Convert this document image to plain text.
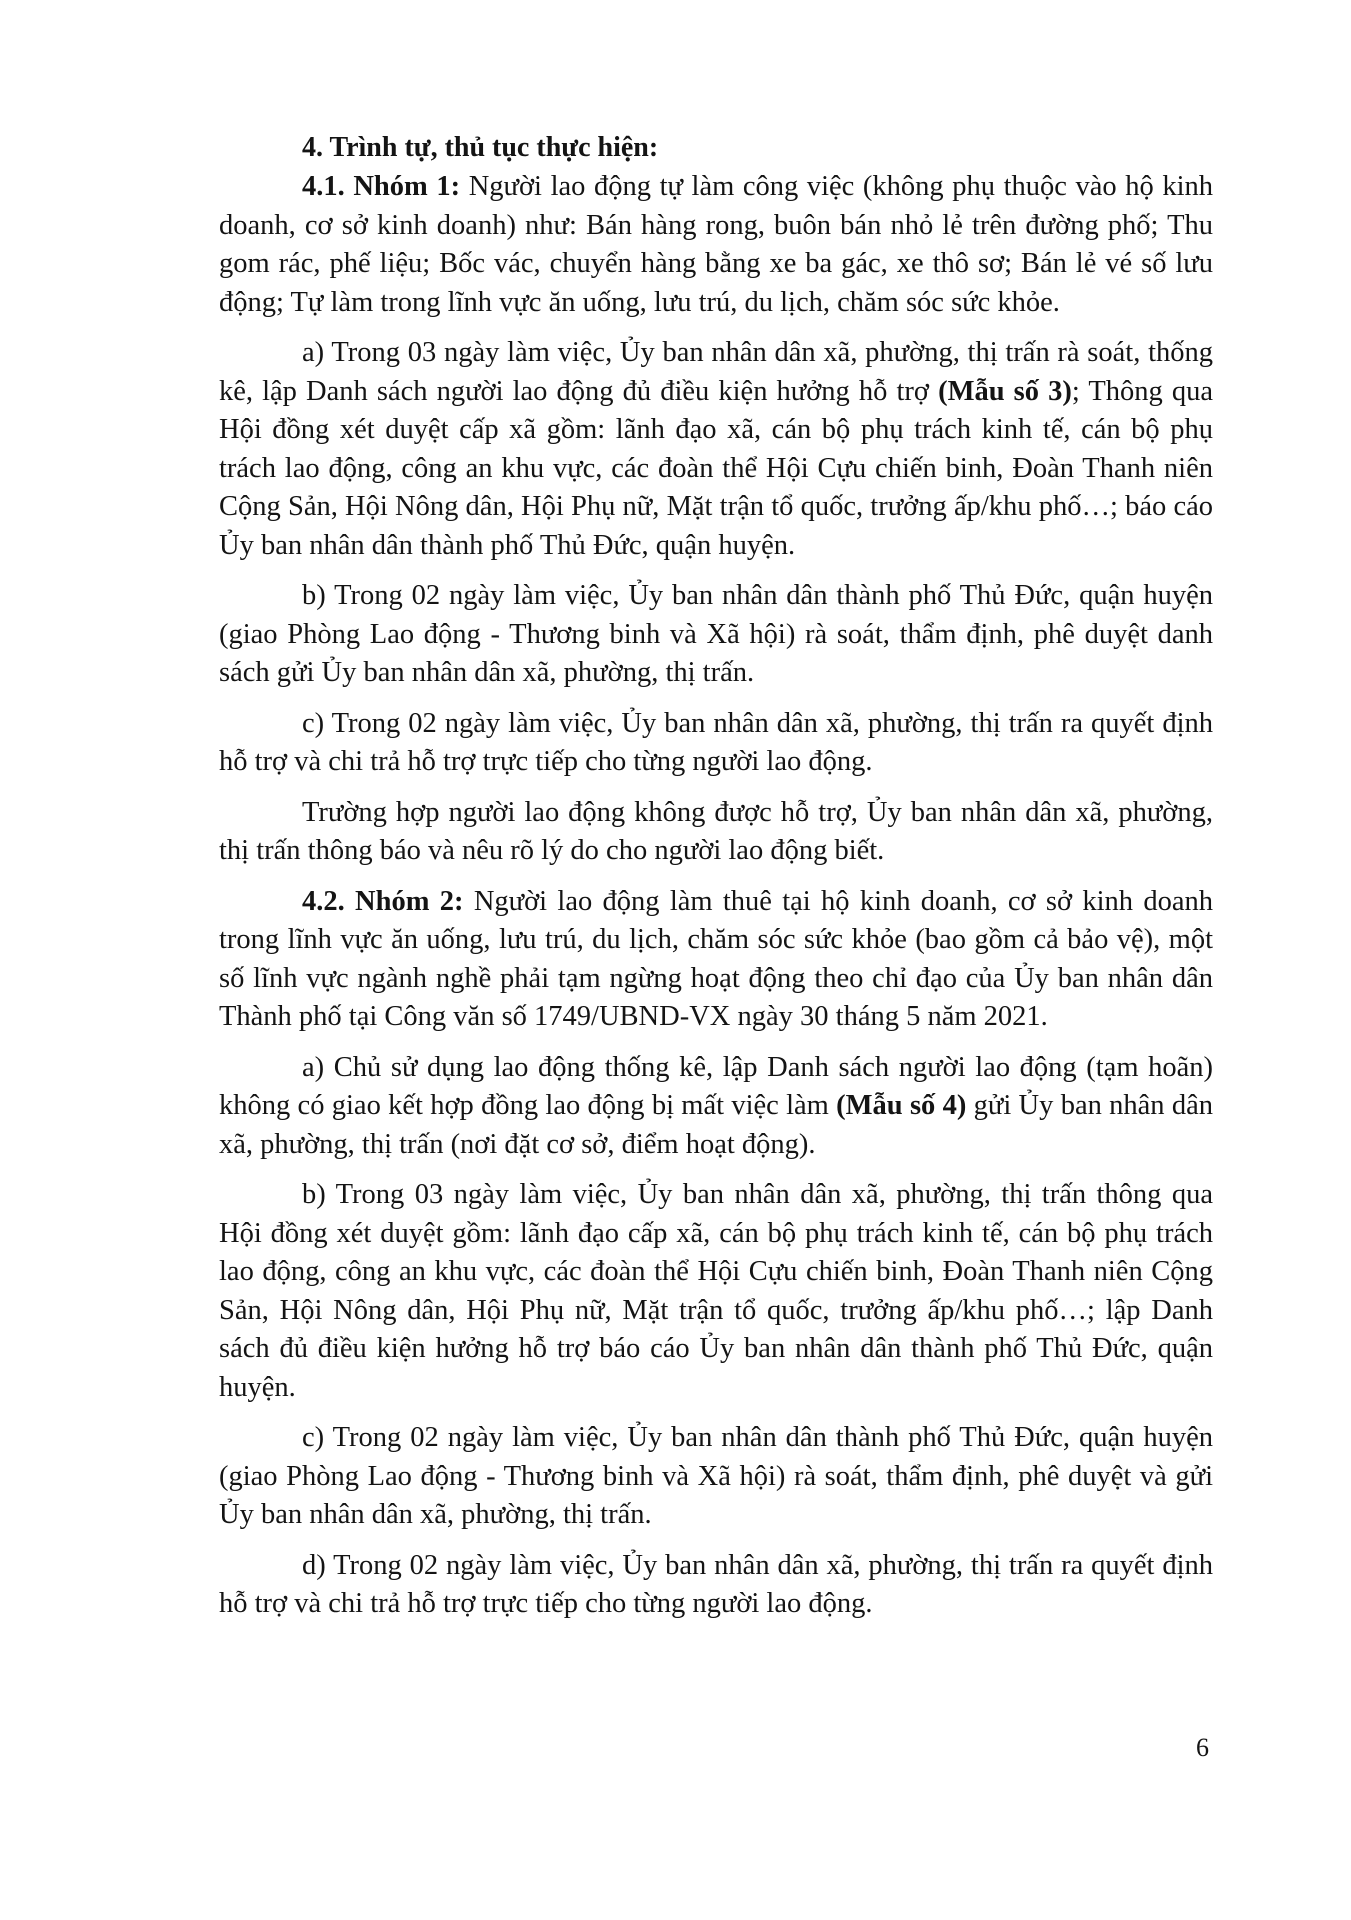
4. Trình tự, thủ tục thực hiện:

4.1. Nhóm 1: Người lao động tự làm công việc (không phụ thuộc vào hộ kinh doanh, cơ sở kinh doanh) như: Bán hàng rong, buôn bán nhỏ lẻ trên đường phố; Thu gom rác, phế liệu; Bốc vác, chuyển hàng bằng xe ba gác, xe thô sơ; Bán lẻ vé số lưu động; Tự làm trong lĩnh vực ăn uống, lưu trú, du lịch, chăm sóc sức khỏe.

a) Trong 03 ngày làm việc, Ủy ban nhân dân xã, phường, thị trấn rà soát, thống kê, lập Danh sách người lao động đủ điều kiện hưởng hỗ trợ (Mẫu số 3); Thông qua Hội đồng xét duyệt cấp xã gồm: lãnh đạo xã, cán bộ phụ trách kinh tế, cán bộ phụ trách lao động, công an khu vực, các đoàn thể Hội Cựu chiến binh, Đoàn Thanh niên Cộng Sản, Hội Nông dân, Hội Phụ nữ, Mặt trận tổ quốc, trưởng ấp/khu phố…; báo cáo Ủy ban nhân dân thành phố Thủ Đức, quận huyện.

b) Trong 02 ngày làm việc, Ủy ban nhân dân thành phố Thủ Đức, quận huyện (giao Phòng Lao động - Thương binh và Xã hội) rà soát, thẩm định, phê duyệt danh sách gửi Ủy ban nhân dân xã, phường, thị trấn.

c) Trong 02 ngày làm việc, Ủy ban nhân dân xã, phường, thị trấn ra quyết định hỗ trợ và chi trả hỗ trợ trực tiếp cho từng người lao động.

Trường hợp người lao động không được hỗ trợ, Ủy ban nhân dân xã, phường, thị trấn thông báo và nêu rõ lý do cho người lao động biết.

4.2. Nhóm 2: Người lao động làm thuê tại hộ kinh doanh, cơ sở kinh doanh trong lĩnh vực ăn uống, lưu trú, du lịch, chăm sóc sức khỏe (bao gồm cả bảo vệ), một số lĩnh vực ngành nghề phải tạm ngừng hoạt động theo chỉ đạo của Ủy ban nhân dân Thành phố tại Công văn số 1749/UBND-VX ngày 30 tháng 5 năm 2021.

a) Chủ sử dụng lao động thống kê, lập Danh sách người lao động (tạm hoãn) không có giao kết hợp đồng lao động bị mất việc làm (Mẫu số 4) gửi Ủy ban nhân dân xã, phường, thị trấn (nơi đặt cơ sở, điểm hoạt động).

b) Trong 03 ngày làm việc, Ủy ban nhân dân xã, phường, thị trấn thông qua Hội đồng xét duyệt gồm: lãnh đạo cấp xã, cán bộ phụ trách kinh tế, cán bộ phụ trách lao động, công an khu vực, các đoàn thể Hội Cựu chiến binh, Đoàn Thanh niên Cộng Sản, Hội Nông dân, Hội Phụ nữ, Mặt trận tổ quốc, trưởng ấp/khu phố…; lập Danh sách đủ điều kiện hưởng hỗ trợ báo cáo Ủy ban nhân dân thành phố Thủ Đức, quận huyện.

c) Trong 02 ngày làm việc, Ủy ban nhân dân thành phố Thủ Đức, quận huyện (giao Phòng Lao động - Thương binh và Xã hội) rà soát, thẩm định, phê duyệt và gửi Ủy ban nhân dân xã, phường, thị trấn.

d) Trong 02 ngày làm việc, Ủy ban nhân dân xã, phường, thị trấn ra quyết định hỗ trợ và chi trả hỗ trợ trực tiếp cho từng người lao động.

6
